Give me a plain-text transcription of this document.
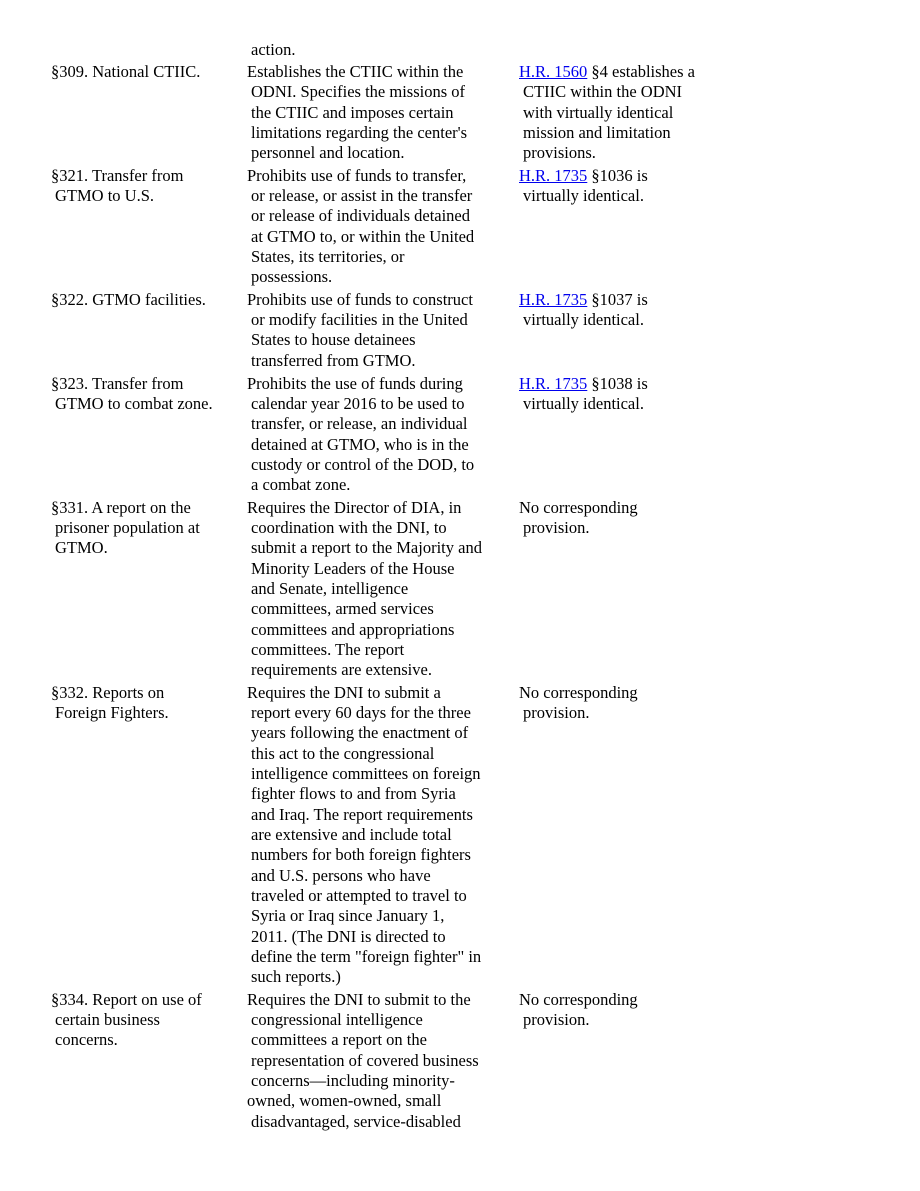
action.
§309. National CTIIC.	Establishes the CTIIC within the
ODNI. Specifies the missions of
the CTIIC and imposes certain
limitations regarding the center's
personnel and location.
H.R. 1560 §4 establishes a
CTIIC within the ODNI
with virtually identical
mission and limitation
provisions.
§321. Transfer from
GTMO to U.S.
Prohibits use of funds to transfer,
or release, or assist in the transfer
or release of individuals detained
at GTMO to, or within the United
States, its territories, or
possessions.
H.R. 1735 §1036 is
virtually identical.
§322. GTMO facilities. Prohibits use of funds to construct
or modify facilities in the United
States to house detainees
transferred from GTMO.
H.R. 1735 §1037 is
virtually identical.
§323. Transfer from
GTMO to combat zone.
Prohibits the use of funds during
calendar year 2016 to be used to
transfer, or release, an individual
detained at GTMO, who is in the
custody or control of the DOD, to
a combat zone.
H.R. 1735 §1038 is
virtually identical.
§331. A report on the
prisoner population at
GTMO.
Requires the Director of DIA, in
coordination with the DNI, to
submit a report to the Majority and
Minority Leaders of the House
and Senate, intelligence
committees, armed services
committees and appropriations
committees. The report
requirements are extensive.
No corresponding
provision.
§332. Reports on
Foreign Fighters.
Requires the DNI to submit a
report every 60 days for the three
years following the enactment of
this act to the congressional
intelligence committees on foreign
fighter flows to and from Syria
and Iraq. The report requirements
are extensive and include total
numbers for both foreign fighters
and U.S. persons who have
traveled or attempted to travel to
Syria or Iraq since January 1,
2011. (The DNI is directed to
define the term "foreign fighter" in
such reports.)
No corresponding
provision.
§334. Report on use of
certain business
concerns.
Requires the DNI to submit to the
congressional intelligence
committees a report on the
representation of covered business
concerns—including minority-
owned, women-owned, small
disadvantaged, service-disabled
No corresponding
provision.
